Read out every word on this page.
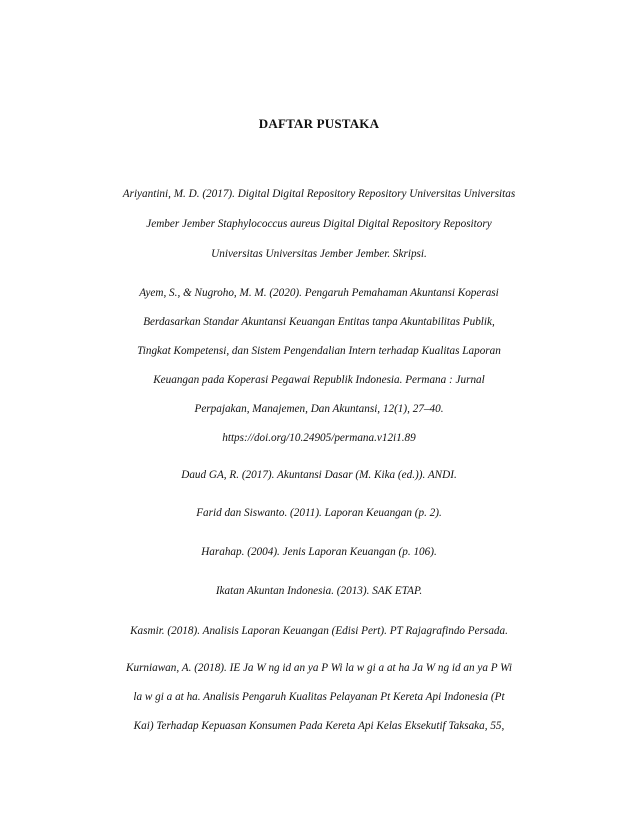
DAFTAR PUSTAKA
Ariyantini, M. D. (2017). Digital Digital Repository Repository Universitas Universitas
Jember Jember Staphylococcus aureus Digital Digital Repository Repository
Universitas Universitas Jember Jember. Skripsi.
Ayem, S., & Nugroho, M. M. (2020). Pengaruh Pemahaman Akuntansi Koperasi
Berdasarkan Standar Akuntansi Keuangan Entitas tanpa Akuntabilitas Publik,
Tingkat Kompetensi, dan Sistem Pengendalian Intern terhadap Kualitas Laporan
Keuangan pada Koperasi Pegawai Republik Indonesia. Permana : Jurnal
Perpajakan, Manajemen, Dan Akuntansi, 12(1), 27–40.
https://doi.org/10.24905/permana.v12i1.89
Daud GA, R. (2017). Akuntansi Dasar (M. Kika (ed.)). ANDI.
Farid dan Siswanto. (2011). Laporan Keuangan (p. 2).
Harahap. (2004). Jenis Laporan Keuangan (p. 106).
Ikatan Akuntan Indonesia. (2013). SAK ETAP.
Kasmir. (2018). Analisis Laporan Keuangan (Edisi Pert). PT Rajagrafindo Persada.
Kurniawan, A. (2018). IE Ja W ng id an ya P Wi la w gi a at ha Ja W ng id an ya P Wi
la w gi a at ha. Analisis Pengaruh Kualitas Pelayanan Pt Kereta Api Indonesia (Pt
Kai) Terhadap Kepuasan Konsumen Pada Kereta Api Kelas Eksekutif Taksaka, 55,
